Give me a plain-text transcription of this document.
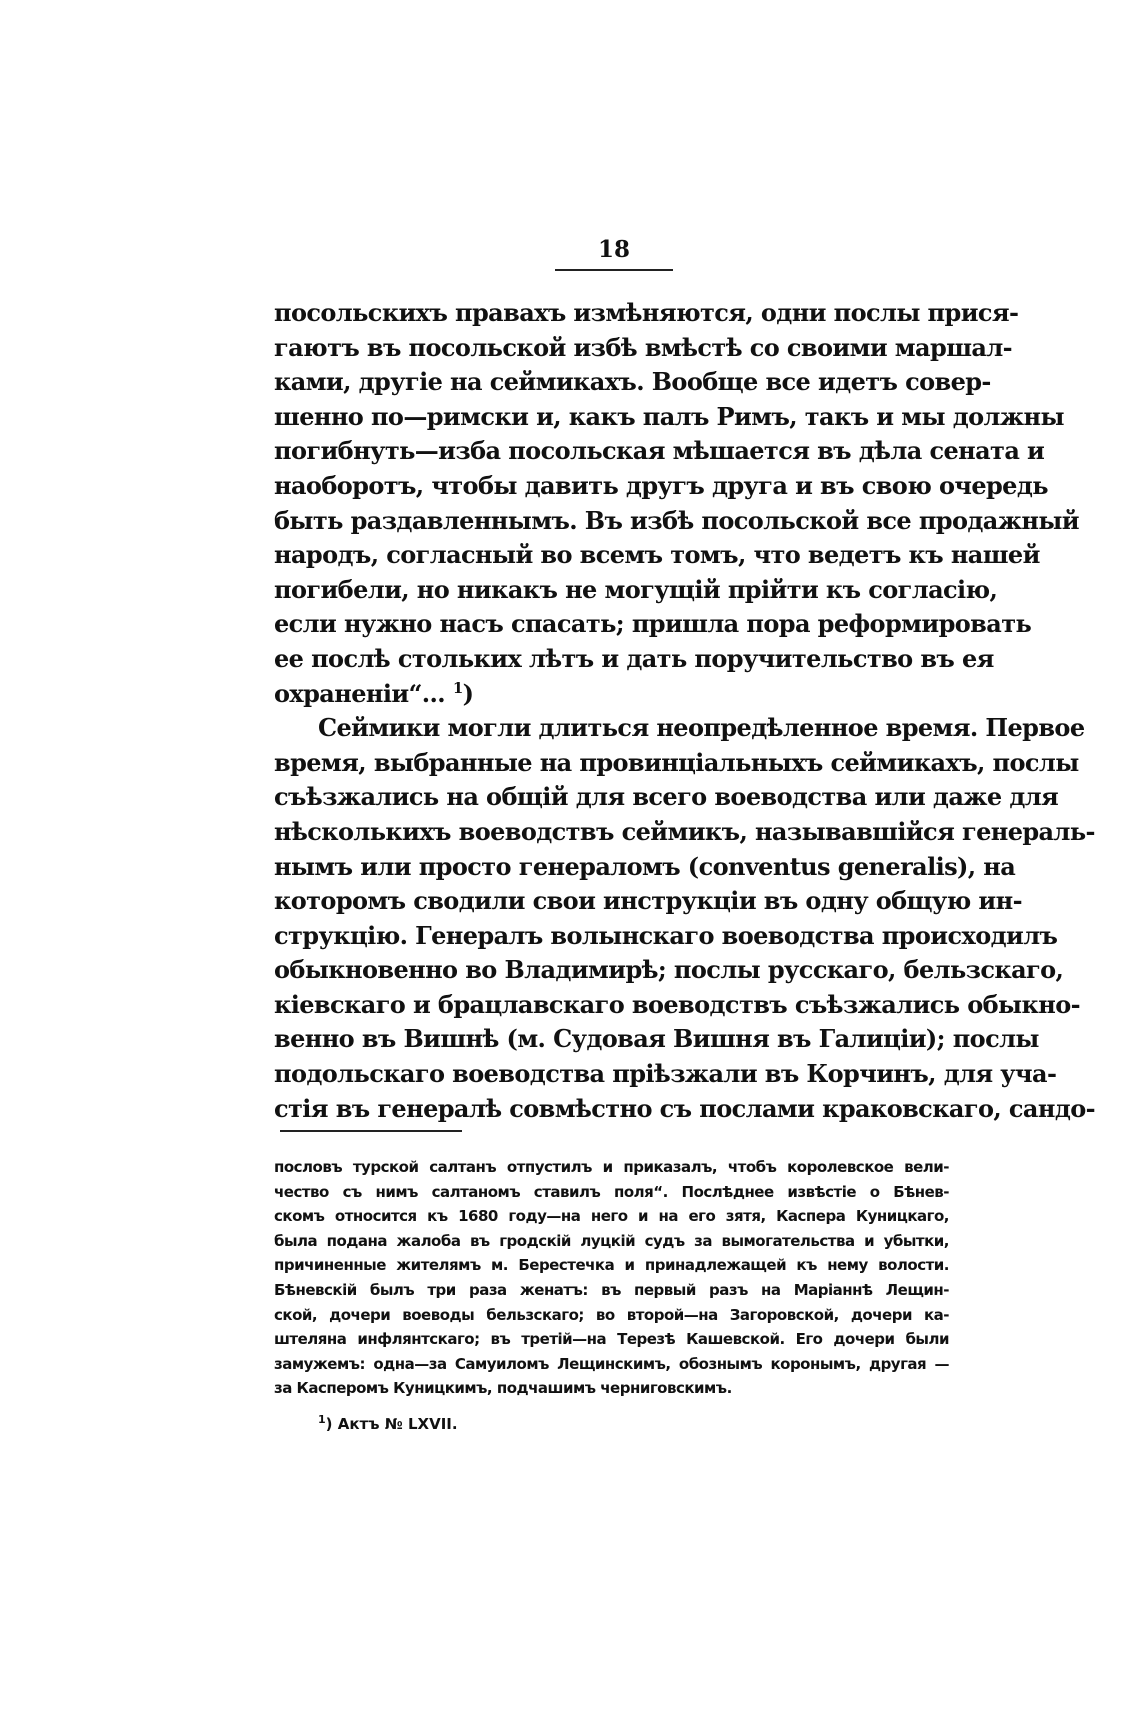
18
посольскихъ правахъ измѣняются, одни послы прися-
гаютъ въ посольской избѣ вмѣстѣ со своими маршал-
ками, другіе на сеймикахъ. Вообще все идетъ совер-
шенно по—римски и, какъ палъ Римъ, такъ и мы должны
погибнуть—изба посольская мѣшается въ дѣла сената и
наоборотъ, чтобы давить другъ друга и въ свою очередь
быть раздавленнымъ. Въ избѣ посольской все продажный
народъ, согласный во всемъ томъ, что ведетъ къ нашей
погибели, но никакъ не могущій прійти къ согласію,
если нужно насъ спасать; пришла пора реформировать
ее послѣ стольких лѣтъ и дать поручительство въ ея
охраненіи“... $^1$)
Сеймики могли длиться неопредѣленное время. Первое
время, выбранные на провинціальныхъ сеймикахъ, послы
съѣзжались на общій для всего воеводства или даже для
нѣсколькихъ воеводствъ сеймикъ, называвшійся генераль-
нымъ или просто генераломъ (conventus generalis), на
которомъ сводили свои инструкціи въ одну общую ин-
струкцію. Генералъ волынскаго воеводства происходилъ
обыкновенно во Владимирѣ; послы русскаго, бельзскаго,
кіевскаго и брацлавскаго воеводствъ съѣзжались обыкно-
венно въ Вишнѣ (м. Судовая Вишня въ Галиціи); послы
подольскаго воеводства пріѣзжали въ Корчинъ, для уча-
стія въ генералѣ совмѣстно съ послами краковскаго, сандо-
пословъ турской салтанъ отпустилъ и приказалъ, чтобъ королевское вели-
чество съ нимъ салтаномъ ставилъ поля“. Послѣднее извѣстіе о Бѣнев-
скомъ относится къ 1680 году—на него и на его зятя, Каспера Куницкаго,
была подана жалоба въ гродскій луцкій судъ за вымогательства и убытки,
причиненные жителямъ м. Берестечка и принадлежащей къ нему волости.
Бѣневскій былъ три раза женатъ: въ первый разъ на Маріаннѣ Лещин-
ской, дочери воеводы бельзскаго; во второй—на Загоровской, дочери ка-
штеляна инфлянтскаго; въ третій—на Терезѣ Кашевской. Его дочери были
замужемъ: одна—за Самуиломъ Лещинскимъ, обознымъ коронымъ, другая —
за Касперомъ Куницкимъ, подчашимъ черниговскимъ.
$^1$) Актъ № LXVII.
